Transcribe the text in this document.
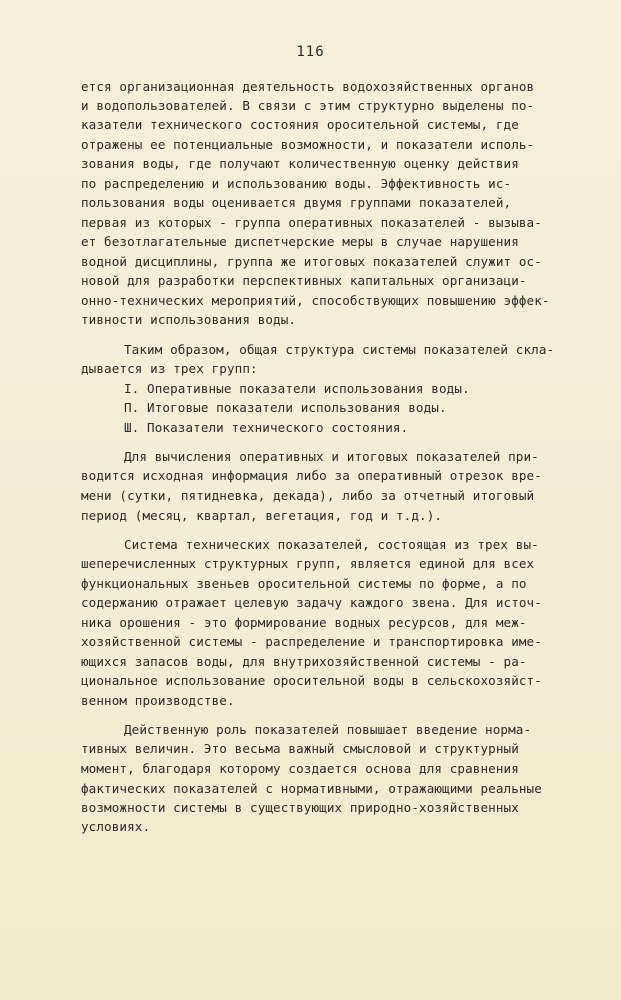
116
ется организационная деятельность водохозяйственных органов
и водопользователей. В связи с этим структурно выделены по-
казатели технического состояния оросительной системы, где
отражены ее потенциальные возможности, и показатели исполь-
зования воды, где получают количественную оценку действия
по распределению и использованию воды. Эффективность ис-
пользования воды оценивается двумя группами показателей,
первая из которых - группа оперативных показателей - вызыва-
ет безотлагательные диспетчерские меры в случае нарушения
водной дисциплины, группа же итоговых показателей служит ос-
новой для разработки перспективных капитальных организаци-
онно-технических мероприятий, способствующих повышению эффек-
тивности использования воды.
Таким образом, общая структура системы показателей скла-
дывается из трех групп:
I. Оперативные показатели использования воды.
П. Итоговые показатели использования воды.
Ш. Показатели технического состояния.
Для вычисления оперативных и итоговых показателей при-
водится исходная информация либо за оперативный отрезок вре-
мени (сутки, пятидневка, декада), либо за отчетный итоговый
период (месяц, квартал, вегетация, год и т.д.).
Система технических показателей, состоящая из трех вы-
шеперечисленных структурных групп, является единой для всех
функциональных звеньев оросительной системы по форме, а по
содержанию отражает целевую задачу каждого звена. Для источ-
ника орошения - это формирование водных ресурсов, для меж-
хозяйственной системы - распределение и транспортировка име-
ющихся запасов воды, для внутрихозяйственной системы - ра-
циональное использование оросительной воды в сельскохозяйст-
венном производстве.
Действенную роль показателей повышает введение норма-
тивных величин. Это весьма важный смысловой и структурный
момент, благодаря которому создается основа для сравнения
фактических показателей с нормативными, отражающими реальные
возможности системы в существующих природно-хозяйственных
условиях.
